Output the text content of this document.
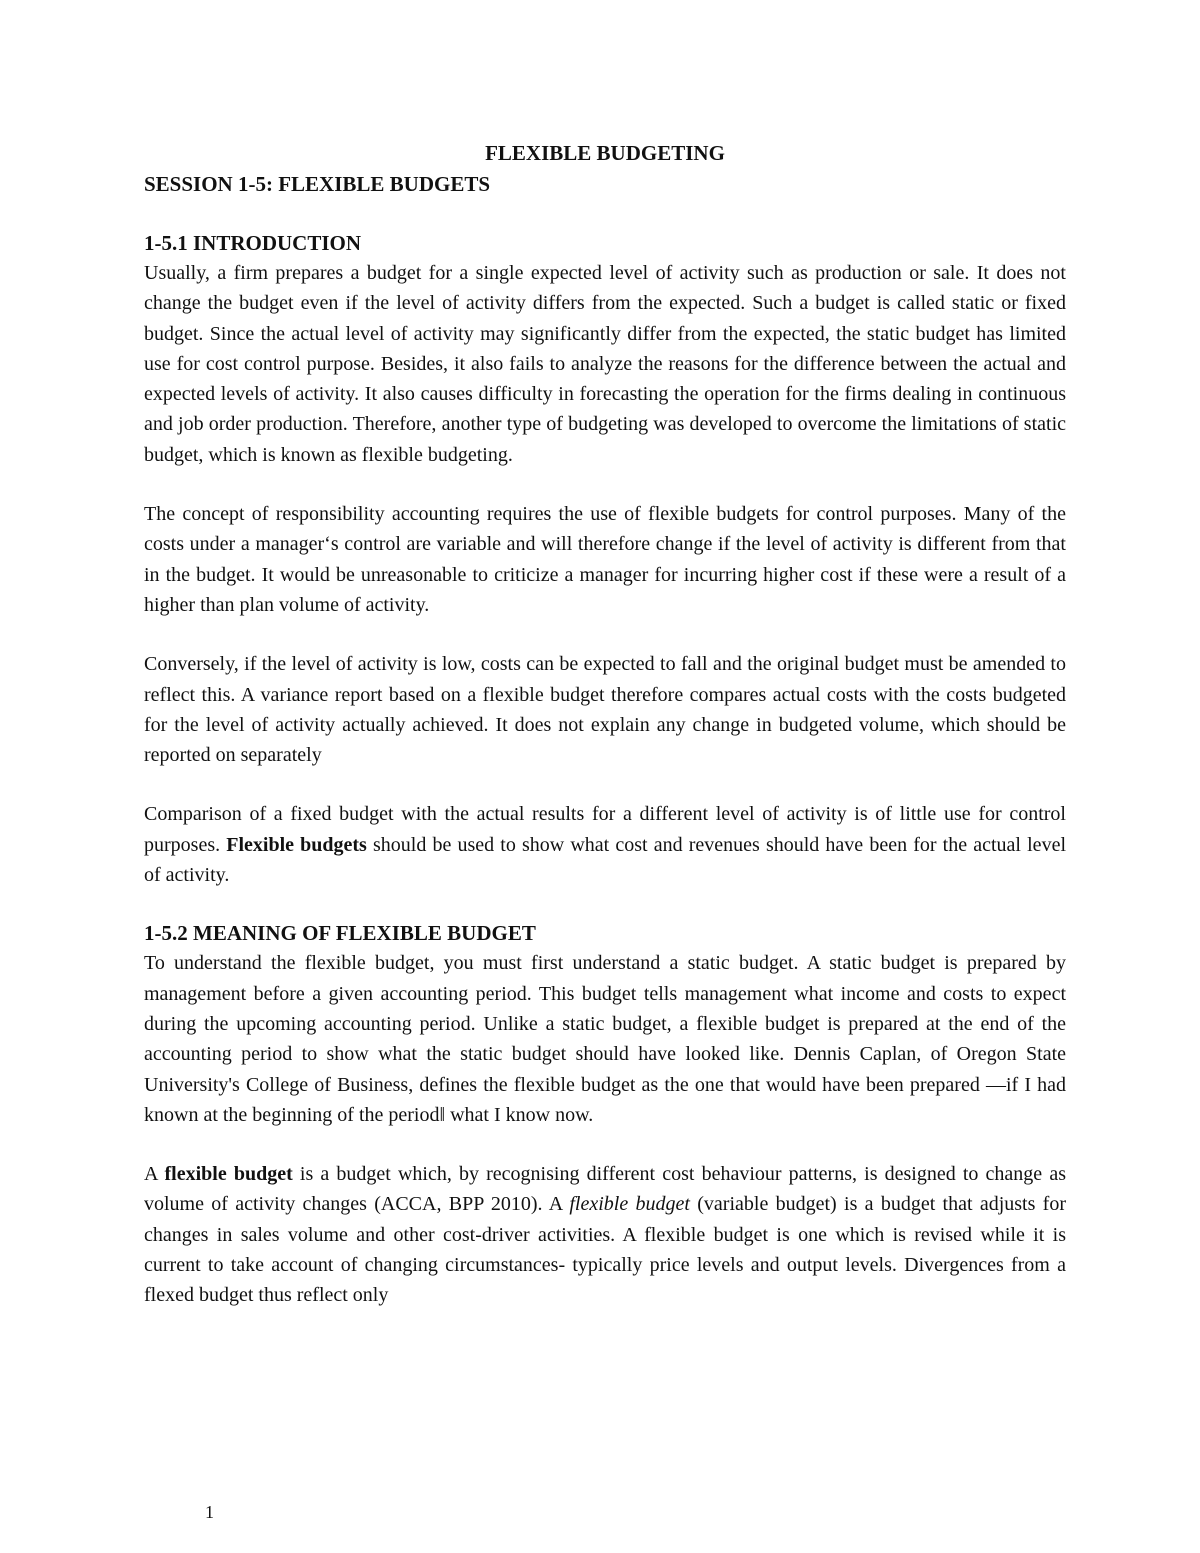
FLEXIBLE BUDGETING
SESSION 1-5: FLEXIBLE BUDGETS
1-5.1 INTRODUCTION

Usually, a firm prepares a budget for a single expected level of activity such as production or sale. It does not change the budget even if the level of activity differs from the expected. Such a budget is called static or fixed budget. Since the actual level of activity may significantly differ from the expected, the static budget has limited use for cost control purpose. Besides, it also fails to analyze the reasons for the difference between the actual and expected levels of activity. It also causes difficulty in forecasting the operation for the firms dealing in continuous and job order production. Therefore, another type of budgeting was developed to overcome the limitations of static budget, which is known as flexible budgeting.

The concept of responsibility accounting requires the use of flexible budgets for control purposes. Many of the costs under a manager‘s control are variable and will therefore change if the level of activity is different from that in the budget. It would be unreasonable to criticize a manager for incurring higher cost if these were a result of a higher than plan volume of activity.

Conversely, if the level of activity is low, costs can be expected to fall and the original budget must be amended to reflect this. A variance report based on a flexible budget therefore compares actual costs with the costs budgeted for the level of activity actually achieved. It does not explain any change in budgeted volume, which should be reported on separately

Comparison of a fixed budget with the actual results for a different level of activity is of little use for control purposes. Flexible budgets should be used to show what cost and revenues should have been for the actual level of activity.

1-5.2 MEANING OF FLEXIBLE BUDGET

To understand the flexible budget, you must first understand a static budget. A static budget is prepared by management before a given accounting period. This budget tells management what income and costs to expect during the upcoming accounting period. Unlike a static budget, a flexible budget is prepared at the end of the accounting period to show what the static budget should have looked like. Dennis Caplan, of Oregon State University's College of Business, defines the flexible budget as the one that would have been prepared ―if I had known at the beginning of the period‖ what I know now.

A flexible budget is a budget which, by recognising different cost behaviour patterns, is designed to change as volume of activity changes (ACCA, BPP 2010). A flexible budget (variable budget) is a budget that adjusts for changes in sales volume and other cost-driver activities. A flexible budget is one which is revised while it is current to take account of changing circumstances- typically price levels and output levels. Divergences from a flexed budget thus reflect only

1
